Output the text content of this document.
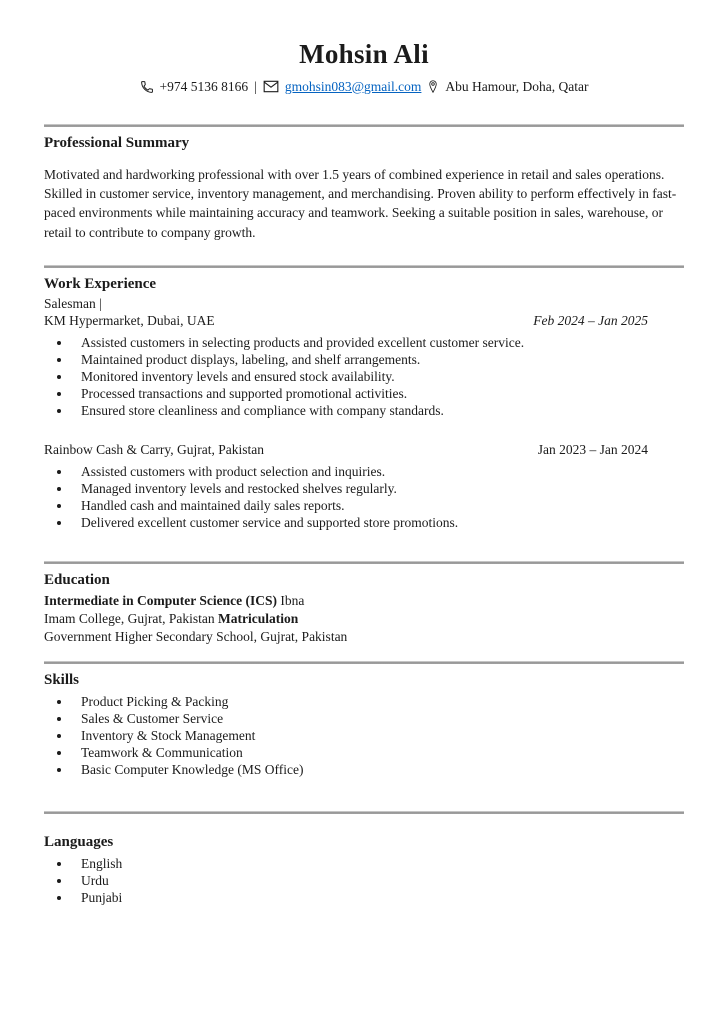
Mohsin Ali
+974 5136 8166 | gmohsin083@gmail.com Abu Hamour, Doha, Qatar
Professional Summary

Motivated and hardworking professional with over 1.5 years of combined experience in retail and sales operations. Skilled in customer service, inventory management, and merchandising. Proven ability to perform effectively in fast-paced environments while maintaining accuracy and teamwork. Seeking a suitable position in sales, warehouse, or retail to contribute to company growth.

Work Experience
Salesman |
KM Hypermarket, Dubai, UAE	Feb 2024 – Jan 2025
• Assisted customers in selecting products and provided excellent customer service.
• Maintained product displays, labeling, and shelf arrangements.
• Monitored inventory levels and ensured stock availability.
• Processed transactions and supported promotional activities.
• Ensured store cleanliness and compliance with company standards.
Rainbow Cash & Carry, Gujrat, Pakistan	Jan 2023 – Jan 2024
• Assisted customers with product selection and inquiries.
• Managed inventory levels and restocked shelves regularly.
• Handled cash and maintained daily sales reports.
• Delivered excellent customer service and supported store promotions.
Education
Intermediate in Computer Science (ICS) Ibna
Imam College, Gujrat, Pakistan Matriculation
Government Higher Secondary School, Gujrat, Pakistan
Skills
• Product Picking & Packing
• Sales & Customer Service
• Inventory & Stock Management
• Teamwork & Communication
• Basic Computer Knowledge (MS Office)
Languages
• English
• Urdu
• Punjabi
